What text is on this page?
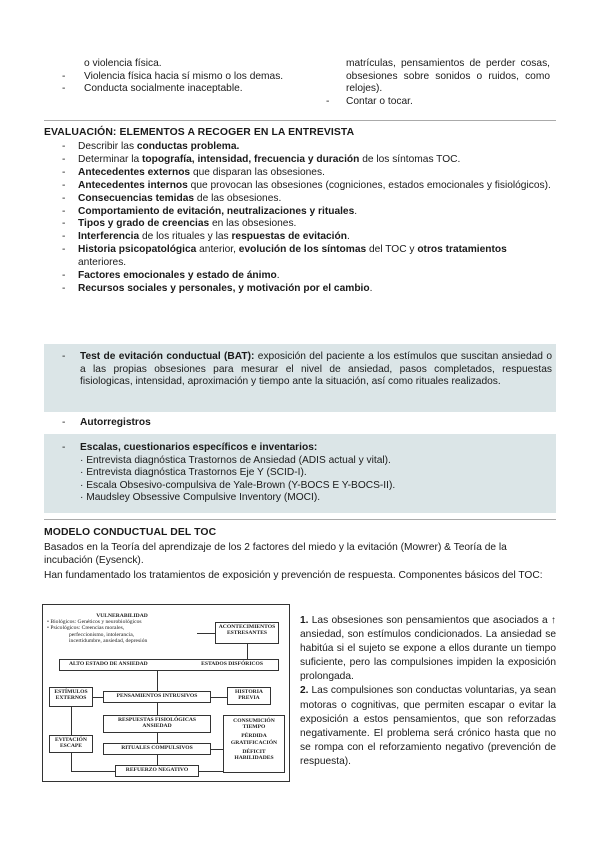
o violencia física.
- Violencia física hacia sí mismo o los demas.
- Conducta socialmente inaceptable.
matrículas, pensamientos de perder cosas, obsesiones sobre sonidos o ruidos, como relojes).
- Contar o tocar.
EVALUACIÓN: ELEMENTOS A RECOGER EN LA ENTREVISTA
- Describir las conductas problema.
- Determinar la topografía, intensidad, frecuencia y duración de los síntomas TOC.
- Antecedentes externos que disparan las obsesiones.
- Antecedentes internos que provocan las obsesiones (cogniciones, estados emocionales y fisiológicos).
- Consecuencias temidas de las obsesiones.
- Comportamiento de evitación, neutralizaciones y rituales.
- Tipos y grado de creencias en las obsesiones.
- Interferencia de los rituales y las respuestas de evitación.
- Historia psicopatológica anterior, evolución de los síntomas del TOC y otros tratamientos anteriores.
- Factores emocionales y estado de ánimo.
- Recursos sociales y personales, y motivación por el cambio.
-	Test de evitación conductual (BAT): exposición del paciente a los estímulos que suscitan ansiedad o a las propias obsesiones para mesurar el nivel de ansiedad, pasos completados, respuestas fisiologicas, intensidad, aproximación y tiempo ante la situación, así como rituales realizados.
-	Autorregistros
-	Escalas, cuestionarios específicos e inventarios:
· Entrevista diagnóstica Trastornos de Ansiedad (ADIS actual y vital).
· Entrevista diagnóstica Trastornos Eje Y (SCID-I).
· Escala Obsesivo-compulsiva de Yale-Brown (Y-BOCS E Y-BOCS-II).
· Maudsley Obsessive Compulsive Inventory (MOCI).
MODELO CONDUCTUAL DEL TOC
Basados en la Teoría del aprendizaje de los 2 factores del miedo y la evitación (Mowrer) & Teoría de la incubación (Eysenck).
Han fundamentado los tratamientos de exposición y prevención de respuesta. Componentes básicos del TOC:
VULNERABILIDAD
• Biológicos: Genéticos y neurobiológicos
• Psicológicos: Creencias morales,
perfeccionismo, intolerancia,
incertidumbre, ansiedad, depresión
ACONTECIMIENTOS ESTRESANTES
ALTO ESTADO DE ANSIEDAD	ESTADOS DISFÓRICOS
ESTÍMULOS EXTERNOS	PENSAMIENTOS INTRUSIVOS
HISTORIA PREVIA
RESPUESTAS FISIOLÓGICAS ANSIEDAD
CONSUMICIÓN TIEMPO
PÉRDIDA GRATIFICACIÓN
DÉFICIT HABILIDADES
EVITACIÓN ESCAPE	RITUALES COMPULSIVOS
REFUERZO NEGATIVO
1. Las obsesiones son pensamientos que asociados a ↑ ansiedad, son estímulos condicionados. La ansiedad se habitúa si el sujeto se expone a ellos durante un tiempo suficiente, pero las compulsiones impiden la exposición prolongada.
2. Las compulsiones son conductas voluntarias, ya sean motoras o cognitivas, que permiten escapar o evitar la exposición a estos pensamientos, que son reforzadas negativamente. El problema será crónico hasta que no se rompa con el reforzamiento negativo (prevención de respuesta).
